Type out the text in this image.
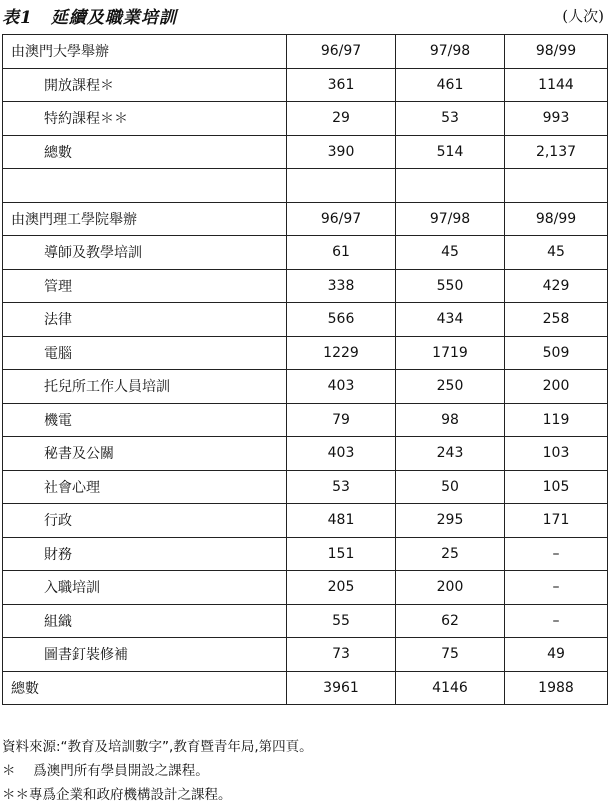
表1　延續及職業培訓	(人次)
由澳門大學舉辦	96/97	97/98	98/99
開放課程＊	361	461	1144
特約課程＊＊	29	53	993
總數	390	514	2,137

由澳門理工學院舉辦	96/97	97/98	98/99
導師及教學培訓	61	45	45
管理	338	550	429
法律	566	434	258
電腦	1229	1719	509
托兒所工作人員培訓	403	250	200
機電	79	98	119
秘書及公關	403	243	103
社會心理	53	50	105
行政	481	295	171
財務	151	25	–
入職培訓	205	200	–
組織	55	62	–
圖書釘裝修補	73	75	49
總數	3961	4146	1988
資料來源:“教育及培訓數字”,教育暨青年局,第四頁。
＊　 爲澳門所有學員開設之課程。
＊＊專爲企業和政府機構設計之課程。
